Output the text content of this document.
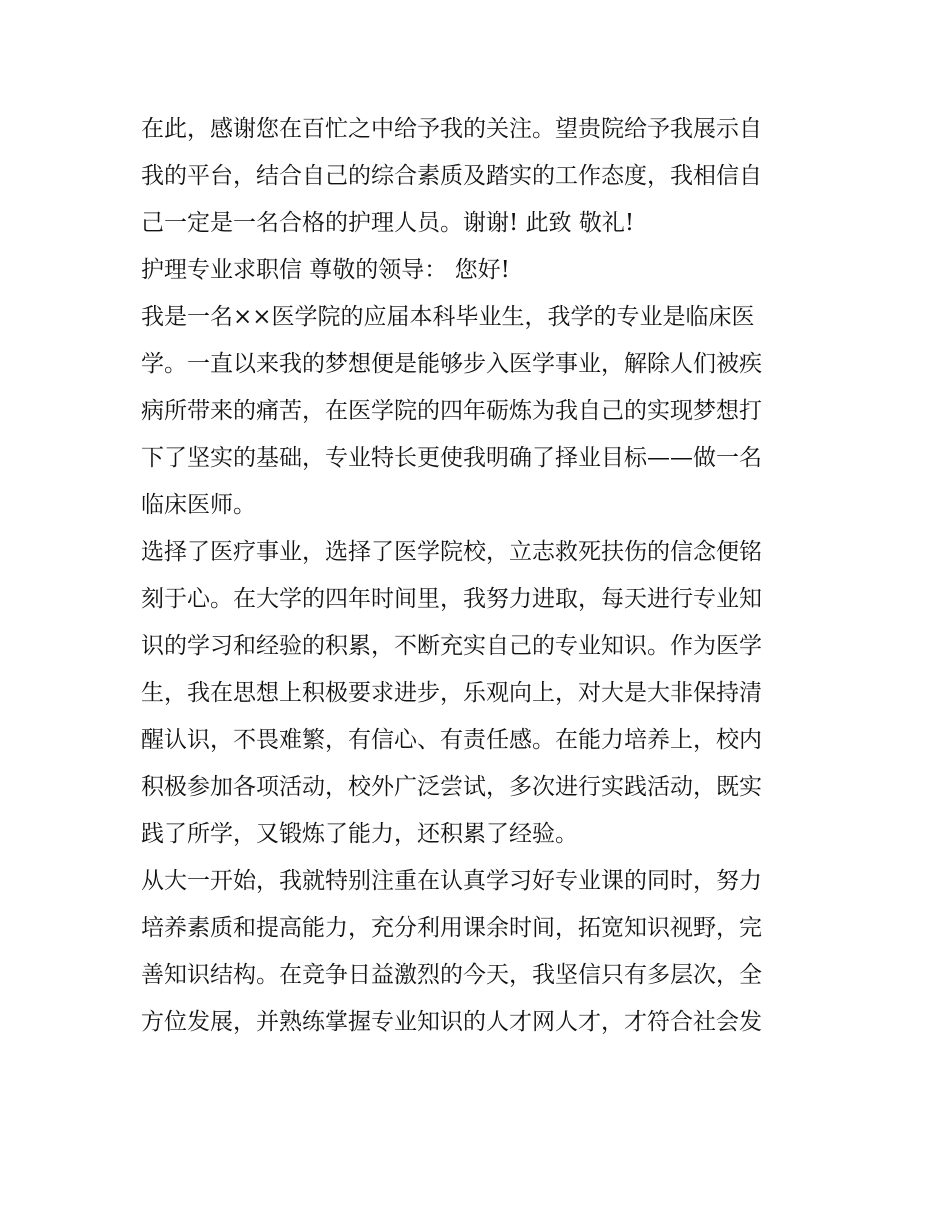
在此，感谢您在百忙之中给予我的关注。望贵院给予我展示自
我的平台，结合自己的综合素质及踏实的工作态度，我相信自
己一定是一名合格的护理人员。谢谢! 此致 敬礼!

护理专业求职信 尊敬的领导： 您好!

我是一名××医学院的应届本科毕业生，我学的专业是临床医
学。一直以来我的梦想便是能够步入医学事业，解除人们被疾
病所带来的痛苦，在医学院的四年砺炼为我自己的实现梦想打
下了坚实的基础，专业特长更使我明确了择业目标——做一名
临床医师。

选择了医疗事业，选择了医学院校，立志救死扶伤的信念便铭
刻于心。在大学的四年时间里，我努力进取，每天进行专业知
识的学习和经验的积累，不断充实自己的专业知识。作为医学
生，我在思想上积极要求进步，乐观向上，对大是大非保持清
醒认识，不畏难繁，有信心、有责任感。在能力培养上，校内
积极参加各项活动，校外广泛尝试，多次进行实践活动，既实
践了所学，又锻炼了能力，还积累了经验。

从大一开始，我就特别注重在认真学习好专业课的同时，努力
培养素质和提高能力，充分利用课余时间，拓宽知识视野，完
善知识结构。在竞争日益激烈的今天，我坚信只有多层次，全
方位发展，并熟练掌握专业知识的人才网人才，才符合社会发
